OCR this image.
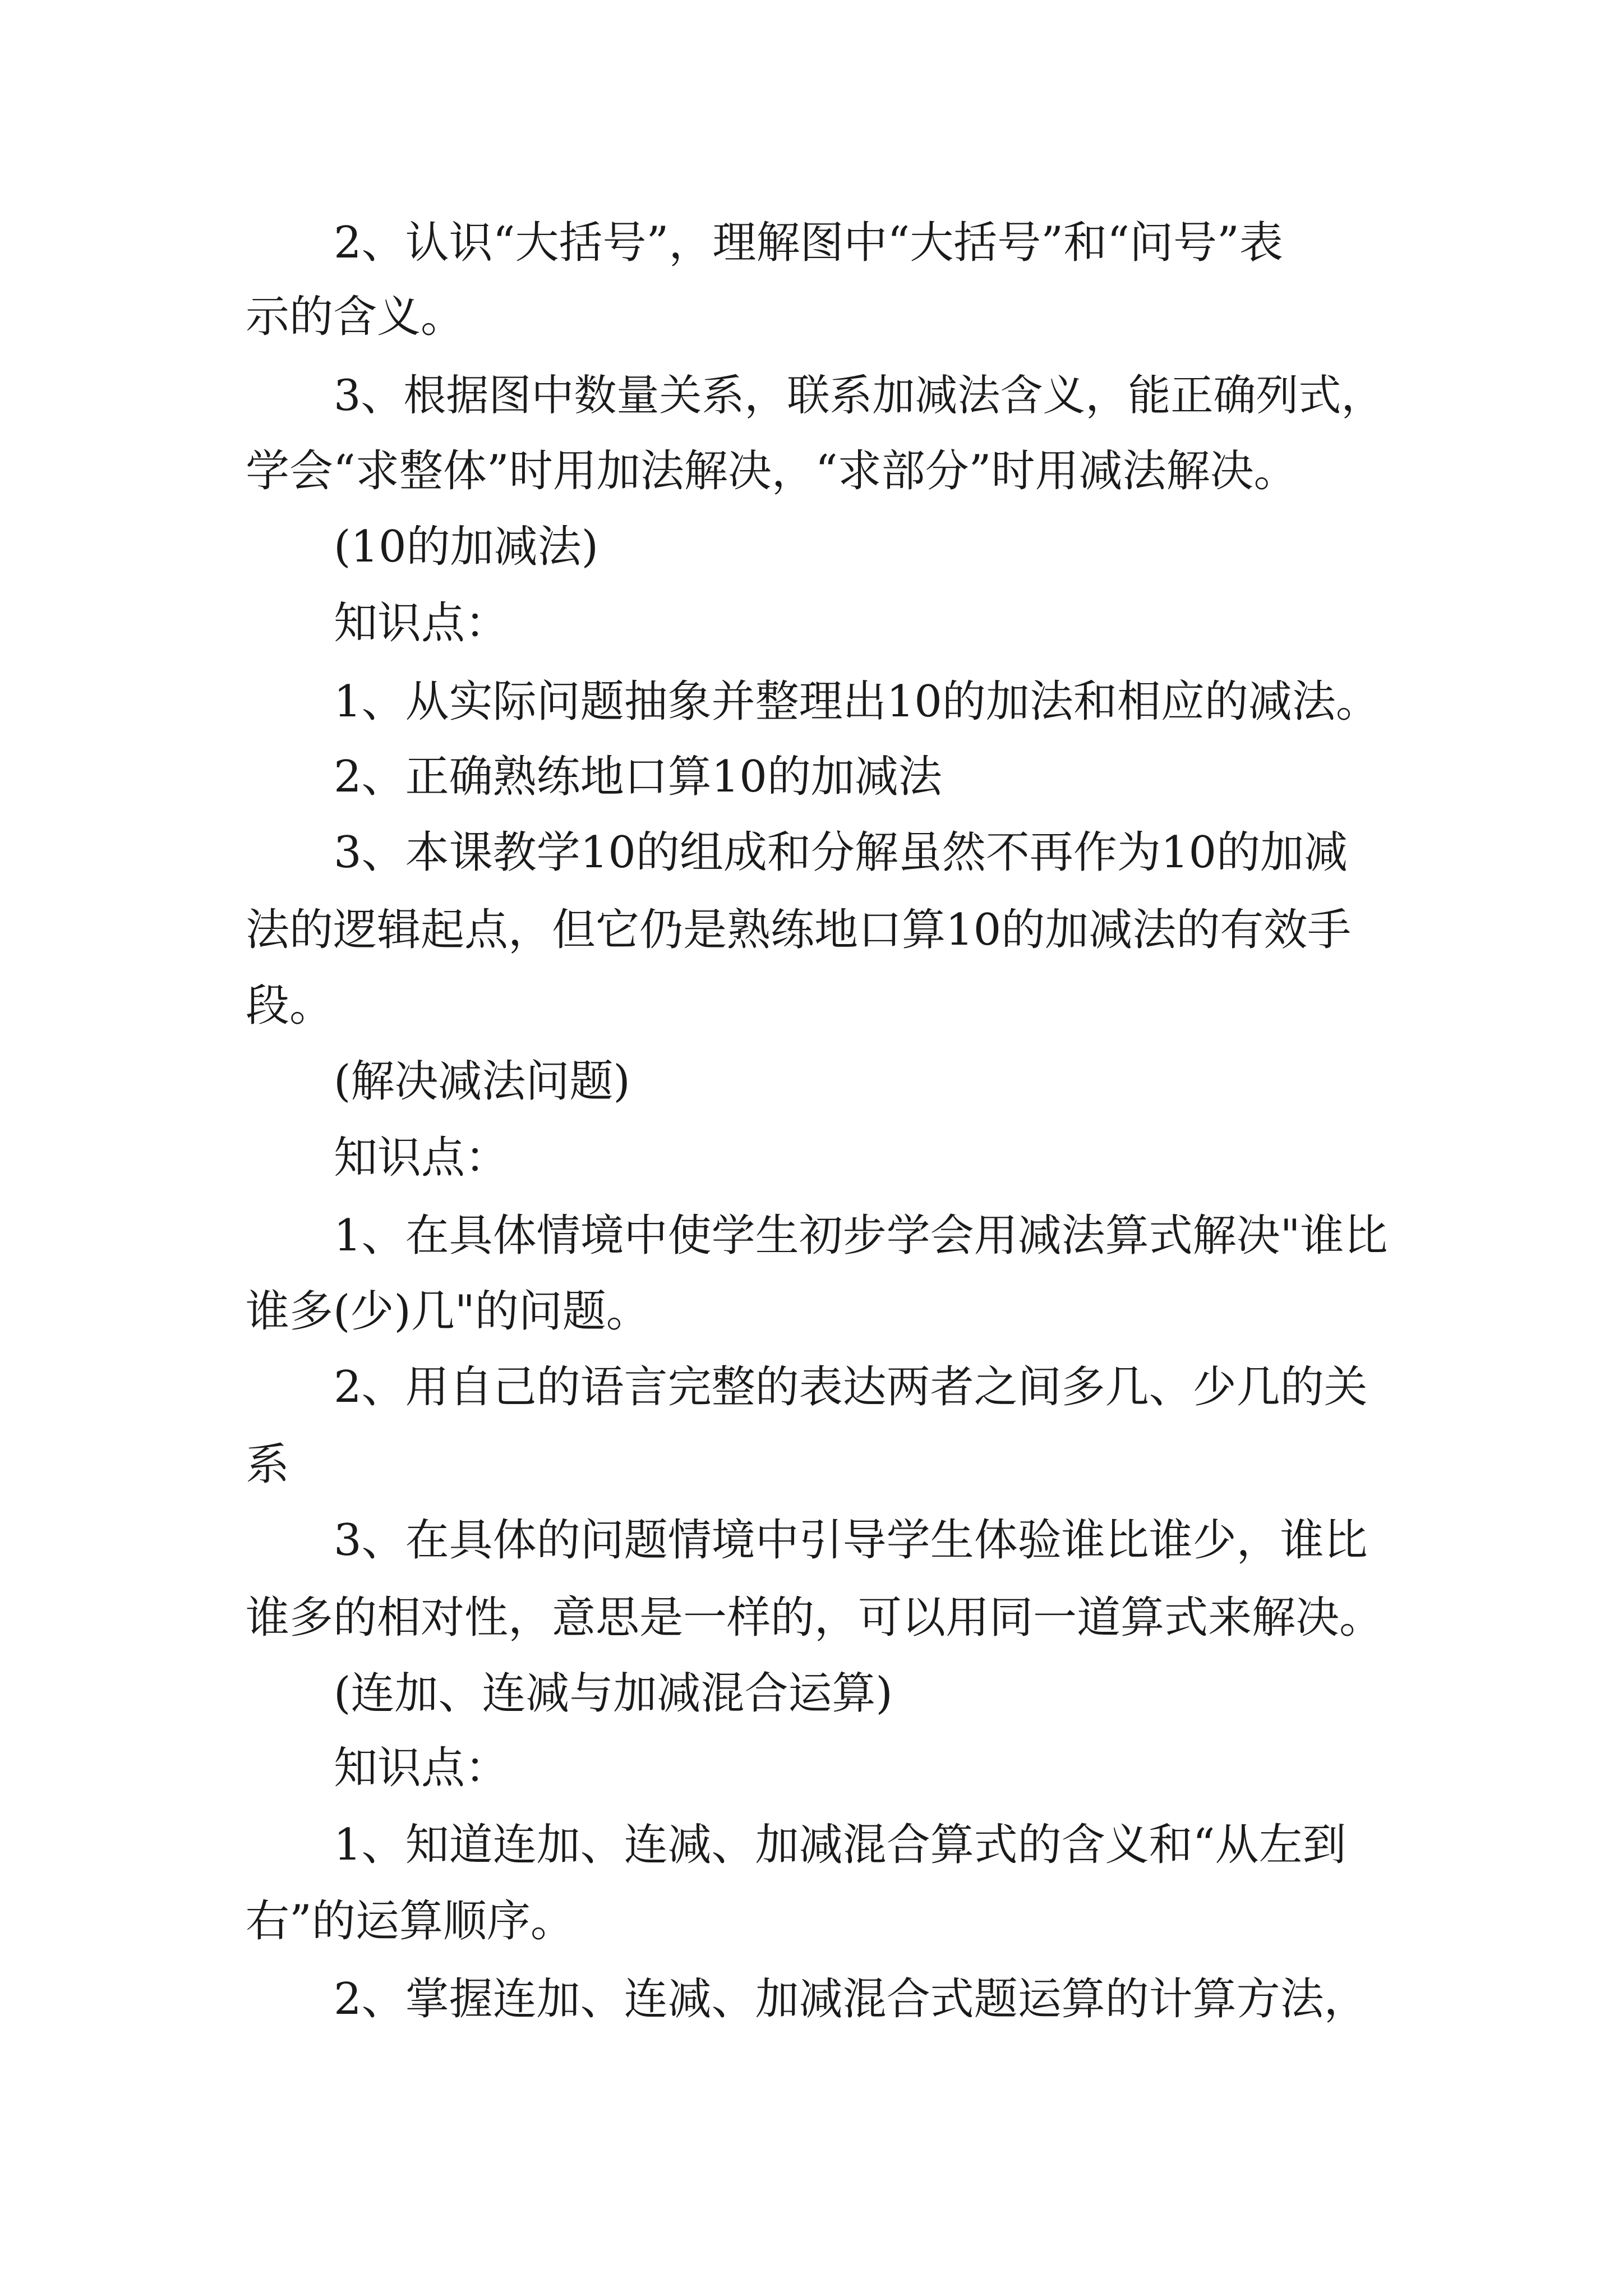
2、认识“大括号”，理解图中“大括号”和“问号”表
示的含义。
3、根据图中数量关系，联系加减法含义，能正确列式，
学会“求整体”时用加法解决，“求部分”时用减法解决。
(10的加减法)
知识点：
1、从实际问题抽象并整理出10的加法和相应的减法。
2、正确熟练地口算10的加减法
3、本课教学10的组成和分解虽然不再作为10的加减
法的逻辑起点，但它仍是熟练地口算10的加减法的有效手
段。
(解决减法问题)
知识点：
1、在具体情境中使学生初步学会用减法算式解决"谁比
谁多(少)几"的问题。
2、用自己的语言完整的表达两者之间多几、少几的关
系
3、在具体的问题情境中引导学生体验谁比谁少，谁比
谁多的相对性，意思是一样的，可以用同一道算式来解决。
(连加、连减与加减混合运算)
知识点：
1、知道连加、连减、加减混合算式的含义和“从左到
右”的运算顺序。
2、掌握连加、连减、加减混合式题运算的计算方法，
